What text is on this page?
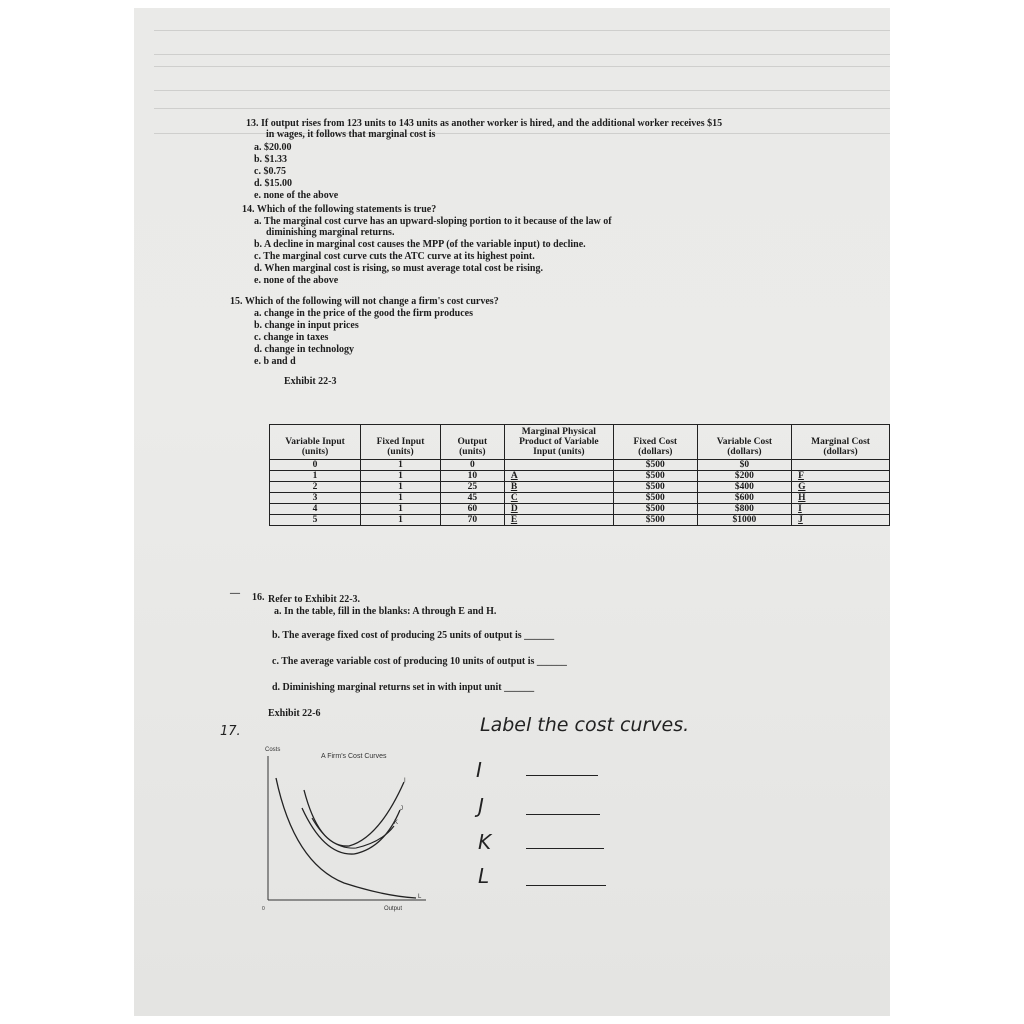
13. If output rises from 123 units to 143 units as another worker is hired, and the additional worker receives $15
in wages, it follows that marginal cost is
a. $20.00
b. $1.33
c. $0.75
d. $15.00
e. none of the above
14. Which of the following statements is true?
a. The marginal cost curve has an upward-sloping portion to it because of the law of
diminishing marginal returns.
b. A decline in marginal cost causes the MPP (of the variable input) to decline.
c. The marginal cost curve cuts the ATC curve at its highest point.
d. When marginal cost is rising, so must average total cost be rising.
e. none of the above
15. Which of the following will not change a firm's cost curves?
a. change in the price of the good the firm produces
b. change in input prices
c. change in taxes
d. change in technology
e. b and d
Exhibit 22-3
Variable Input (units)	Fixed Input (units)	Output (units)	Marginal Physical Product of Variable Input (units)	Fixed Cost (dollars)	Variable Cost (dollars)	Marginal Cost (dollars)
0	1	0		$500	$0	
1	1	10	A	$500	$200	F
2	1	25	B	$500	$400	G
3	1	45	C	$500	$600	H
4	1	60	D	$500	$800	I
5	1	70	E	$500	$1000	J
— 16. Refer to Exhibit 22-3.
a. In the table, fill in the blanks: A through E and H.
b. The average fixed cost of producing 25 units of output is ______
c. The average variable cost of producing 10 units of output is ______
d. Diminishing marginal returns set in with input unit ______
Exhibit 22-6
17.	Label the cost curves.
Costs
A Firm's Cost Curves
0	Output
I
J
K
L
I
J
K
L
